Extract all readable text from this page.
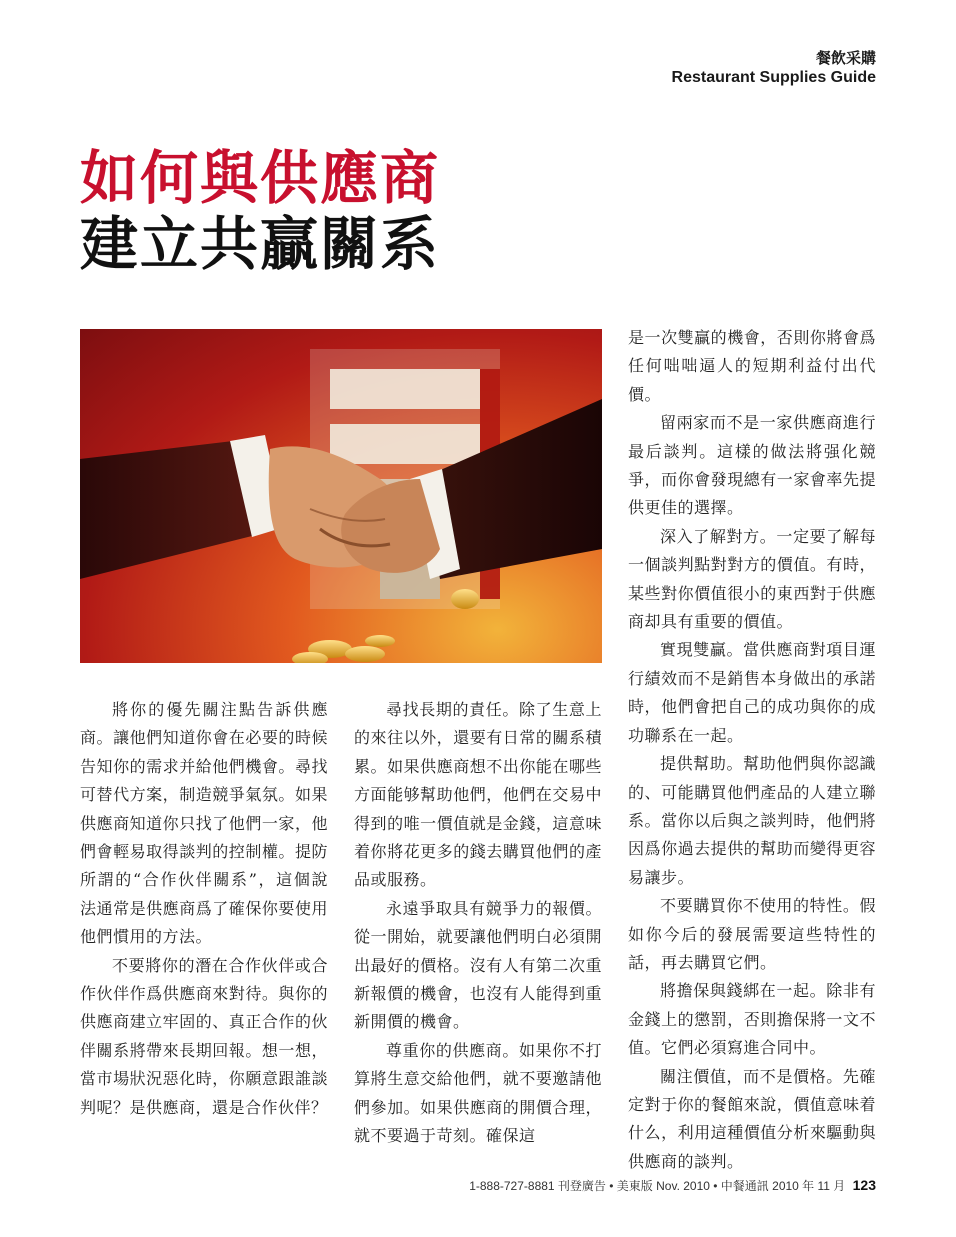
餐飲采購
Restaurant Supplies Guide
如何與供應商
建立共贏關系

將你的優先關注點告訴供應商。讓他們知道你會在必要的時候告知你的需求并給他們機會。尋找可替代方案，制造競爭氣氛。如果供應商知道你只找了他們一家，他們會輕易取得談判的控制權。提防所謂的“合作伙伴關系”，這個說法通常是供應商爲了確保你要使用他們慣用的方法。

不要將你的潛在合作伙伴或合作伙伴作爲供應商來對待。與你的供應商建立牢固的、真正合作的伙伴關系將帶來長期回報。想一想，當市場狀況惡化時，你願意跟誰談判呢？是供應商，還是合作伙伴？

尋找長期的責任。除了生意上的來往以外，還要有日常的關系積累。如果供應商想不出你能在哪些方面能够幫助他們，他們在交易中得到的唯一價值就是金錢，這意味着你將花更多的錢去購買他們的產品或服務。

永遠爭取具有競爭力的報價。從一開始，就要讓他們明白必須開出最好的價格。沒有人有第二次重新報價的機會，也沒有人能得到重新開價的機會。

尊重你的供應商。如果你不打算將生意交給他們，就不要邀請他們參加。如果供應商的開價合理，就不要過于苛刻。確保這

是一次雙贏的機會，否則你將會爲任何咄咄逼人的短期利益付出代價。

留兩家而不是一家供應商進行最后談判。這樣的做法將强化競爭，而你會發現總有一家會率先提供更佳的選擇。

深入了解對方。一定要了解每一個談判點對對方的價值。有時，某些對你價值很小的東西對于供應商却具有重要的價值。

實現雙贏。當供應商對項目運行績效而不是銷售本身做出的承諾時，他們會把自己的成功與你的成功聯系在一起。

提供幫助。幫助他們與你認識的、可能購買他們產品的人建立聯系。當你以后與之談判時，他們將因爲你過去提供的幫助而變得更容易讓步。

不要購買你不使用的特性。假如你今后的發展需要這些特性的話，再去購買它們。

將擔保與錢綁在一起。除非有金錢上的懲罰，否則擔保將一文不值。它們必須寫進合同中。

關注價值，而不是價格。先確定對于你的餐館來說，價值意味着什么，利用這種價值分析來驅動與供應商的談判。

1-888-727-8881 刊登廣告 • 美東版 Nov. 2010 • 中餐通訊 2010 年 11 月 123
